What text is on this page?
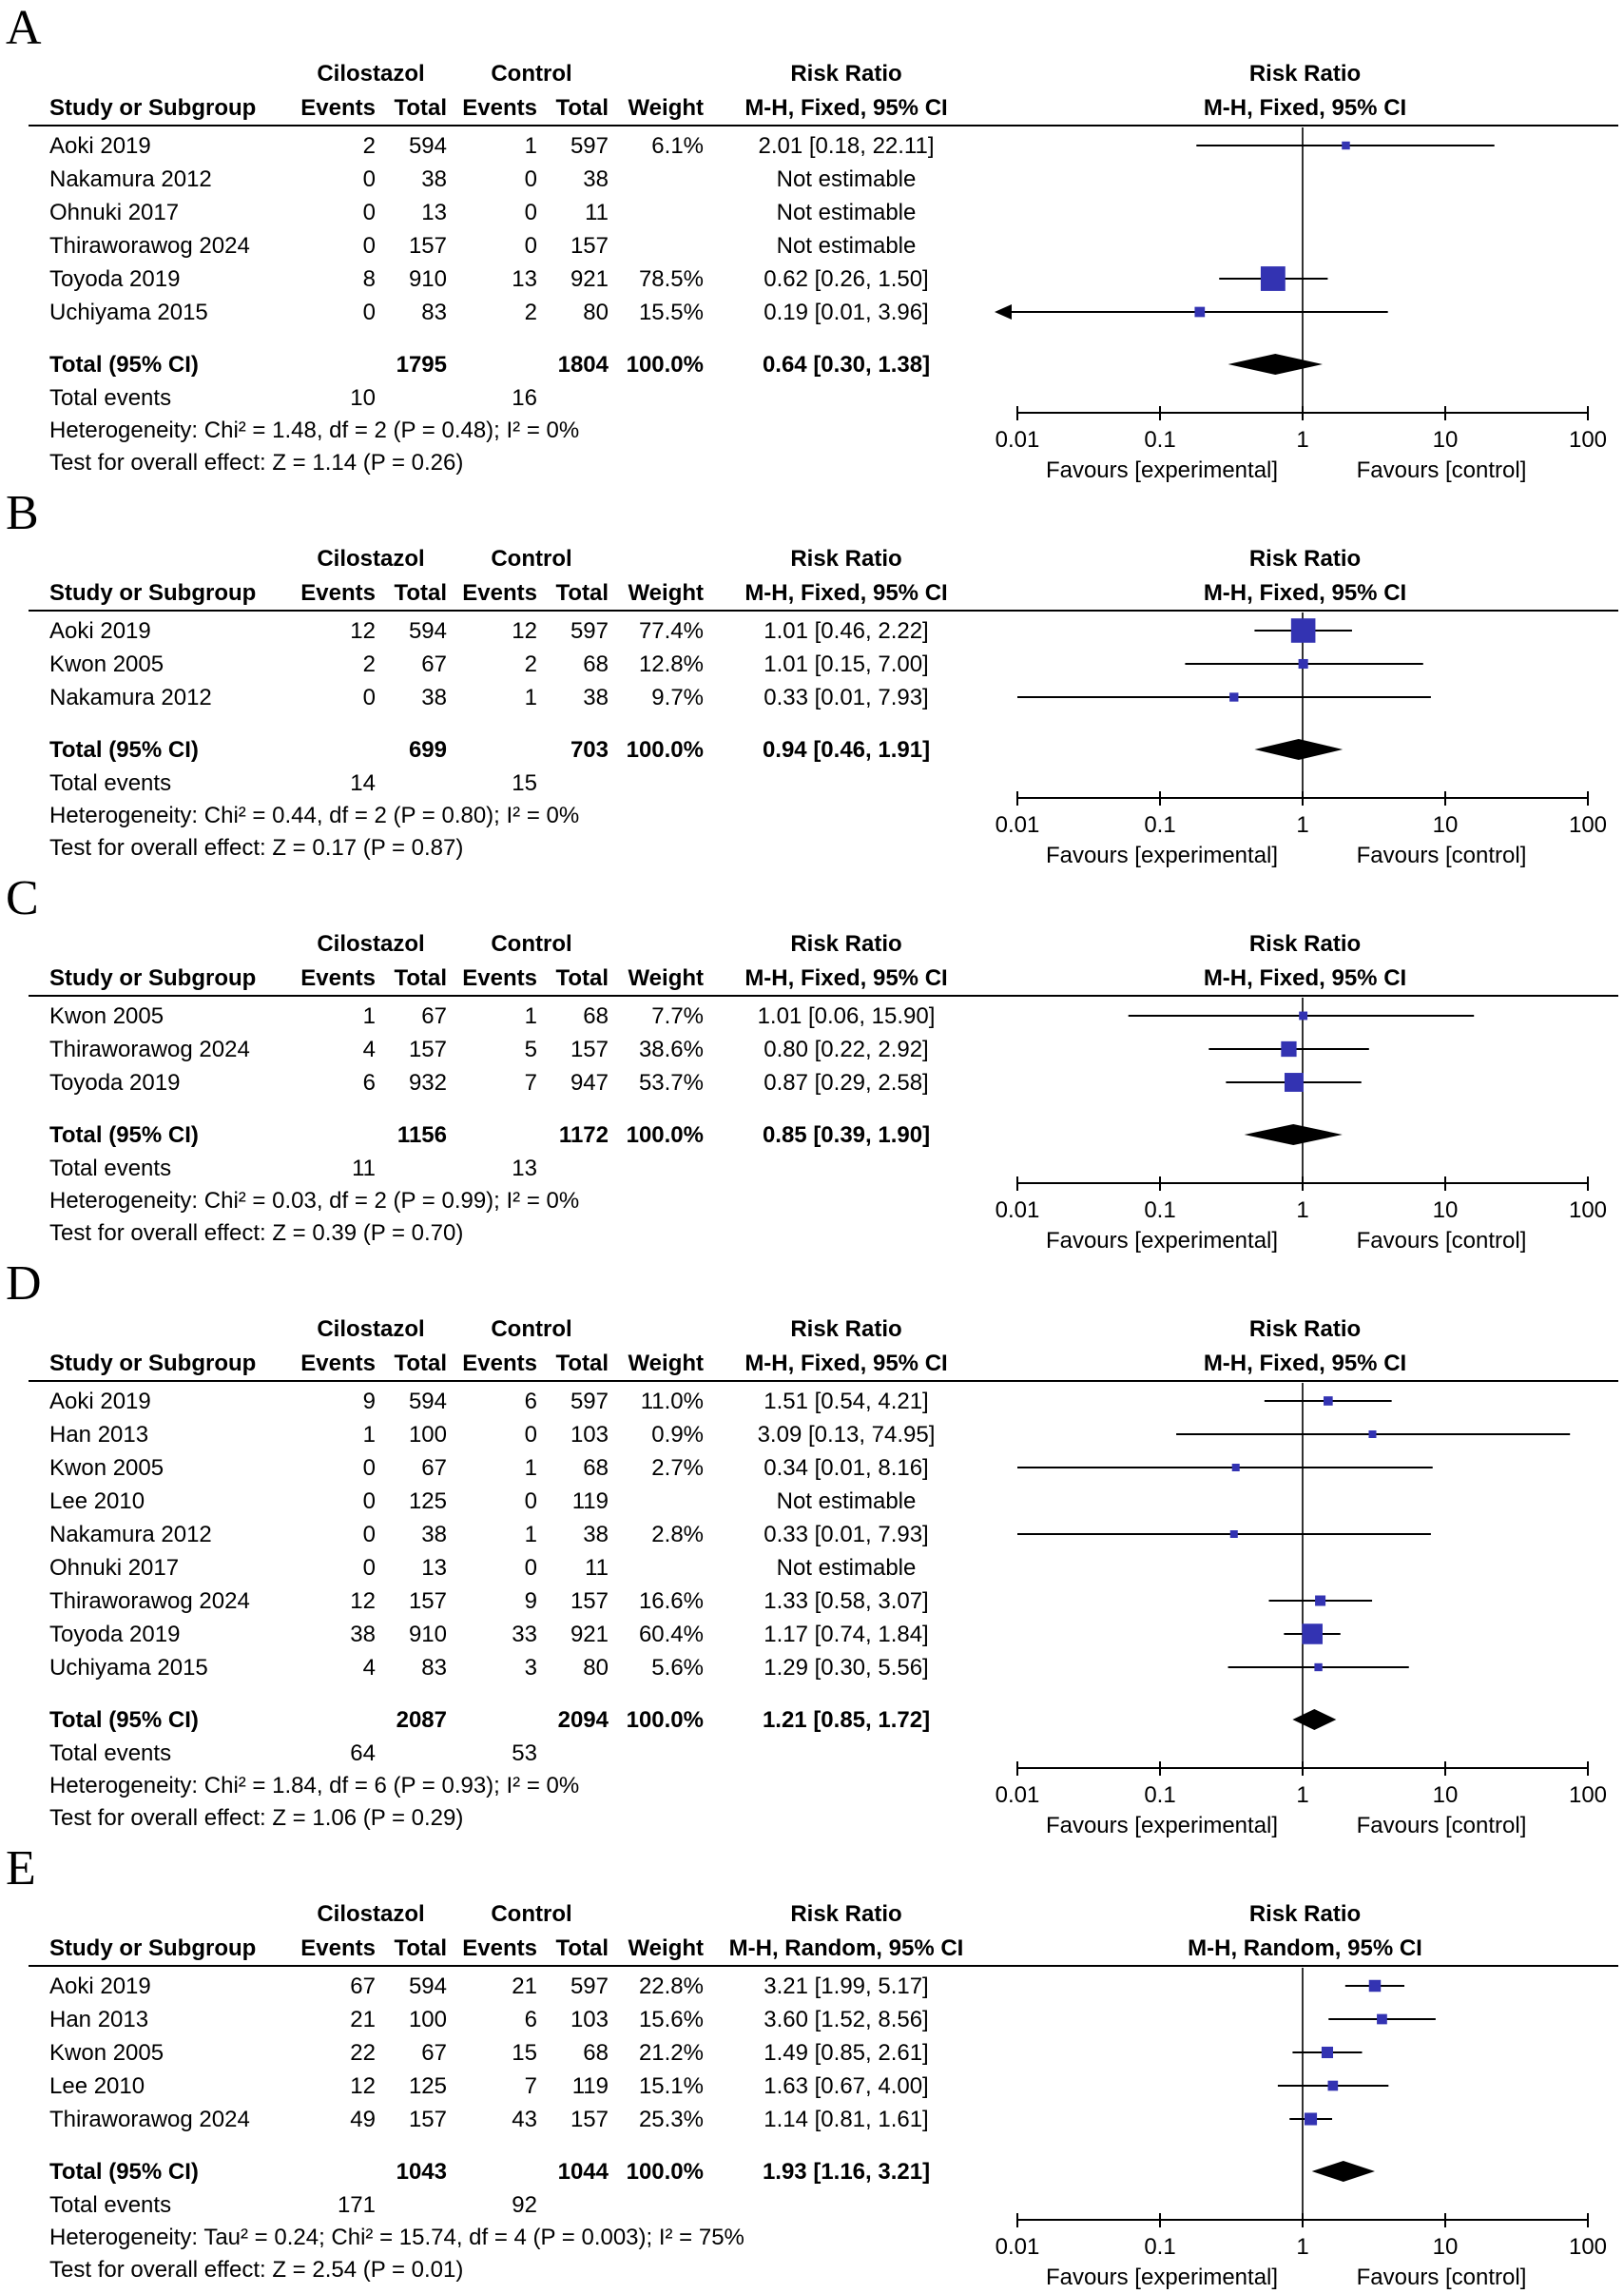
A
Cilostazol	Control	Risk Ratio	Risk Ratio
Study or Subgroup	Events Total Events Total Weight	M-H, Fixed, 95% CI	M-H, Fixed, 95% CI
Aoki 2019	2	594	1	597	6.1%	2.01 [0.18, 22.11]
Nakamura 2012	0	38	0	38	Not estimable
Ohnuki 2017	0	13	0	11	Not estimable
Thiraworawog 2024	0	157	0	157	Not estimable
Toyoda 2019	8	910	13	921	78.5%	0.62 [0.26, 1.50]
Uchiyama 2015	0	83	2	80	15.5%	0.19 [0.01, 3.96]
Total (95% CI)	1795	1804 100.0%	0.64 [0.30, 1.38]
Total events	10	16
Heterogeneity: Chi² = 1.48, df = 2 (P = 0.48); I² = 0%
Test for overall effect: Z = 1.14 (P = 0.26)
0.01	0.1	1	10	100
Favours [experimental]	Favours [control]
B
Cilostazol	Control	Risk Ratio	Risk Ratio
Study or Subgroup	Events Total Events Total Weight	M-H, Fixed, 95% CI	M-H, Fixed, 95% CI
Aoki 2019	12	594	12	597	77.4%	1.01 [0.46, 2.22]
Kwon 2005	2	67	2	68	12.8%	1.01 [0.15, 7.00]
Nakamura 2012	0	38	1	38	9.7%	0.33 [0.01, 7.93]
Total (95% CI)	699	703 100.0%	0.94 [0.46, 1.91]
Total events	14	15
Heterogeneity: Chi² = 0.44, df = 2 (P = 0.80); I² = 0%
Test for overall effect: Z = 0.17 (P = 0.87)
0.01	0.1	1	10	100
Favours [experimental]	Favours [control]
C
Cilostazol	Control	Risk Ratio	Risk Ratio
Study or Subgroup	Events Total Events Total Weight	M-H, Fixed, 95% CI	M-H, Fixed, 95% CI
Kwon 2005	1	67	1	68	7.7%	1.01 [0.06, 15.90]
Thiraworawog 2024	4	157	5	157	38.6%	0.80 [0.22, 2.92]
Toyoda 2019	6	932	7	947	53.7%	0.87 [0.29, 2.58]
Total (95% CI)	1156	1172 100.0%	0.85 [0.39, 1.90]
Total events	11	13
Heterogeneity: Chi² = 0.03, df = 2 (P = 0.99); I² = 0%
Test for overall effect: Z = 0.39 (P = 0.70)
0.01	0.1	1	10	100
Favours [experimental]	Favours [control]
D
Cilostazol	Control	Risk Ratio	Risk Ratio
Study or Subgroup	Events Total Events Total Weight	M-H, Fixed, 95% CI	M-H, Fixed, 95% CI
Aoki 2019	9	594	6	597	11.0%	1.51 [0.54, 4.21]
Han 2013	1	100	0	103	0.9%	3.09 [0.13, 74.95]
Kwon 2005	0	67	1	68	2.7%	0.34 [0.01, 8.16]
Lee 2010	0	125	0	119	Not estimable
Nakamura 2012	0	38	1	38	2.8%	0.33 [0.01, 7.93]
Ohnuki 2017	0	13	0	11	Not estimable
Thiraworawog 2024	12	157	9	157	16.6%	1.33 [0.58, 3.07]
Toyoda 2019	38	910	33	921	60.4%	1.17 [0.74, 1.84]
Uchiyama 2015	4	83	3	80	5.6%	1.29 [0.30, 5.56]
Total (95% CI)	2087	2094 100.0%	1.21 [0.85, 1.72]
Total events	64	53
Heterogeneity: Chi² = 1.84, df = 6 (P = 0.93); I² = 0%
Test for overall effect: Z = 1.06 (P = 0.29)
0.01	0.1	1	10	100
Favours [experimental]	Favours [control]
E
Cilostazol	Control	Risk Ratio	Risk Ratio
Study or Subgroup	Events Total Events Total Weight	M-H, Random, 95% CI	M-H, Random, 95% CI
Aoki 2019	67	594	21	597	22.8%	3.21 [1.99, 5.17]
Han 2013	21	100	6	103	15.6%	3.60 [1.52, 8.56]
Kwon 2005	22	67	15	68	21.2%	1.49 [0.85, 2.61]
Lee 2010	12	125	7	119	15.1%	1.63 [0.67, 4.00]
Thiraworawog 2024	49	157	43	157	25.3%	1.14 [0.81, 1.61]
Total (95% CI)	1043	1044 100.0%	1.93 [1.16, 3.21]
Total events	171	92
Heterogeneity: Tau² = 0.24; Chi² = 15.74, df = 4 (P = 0.003); I² = 75%
Test for overall effect: Z = 2.54 (P = 0.01)
0.01	0.1	1	10	100
Favours [experimental]	Favours [control]
